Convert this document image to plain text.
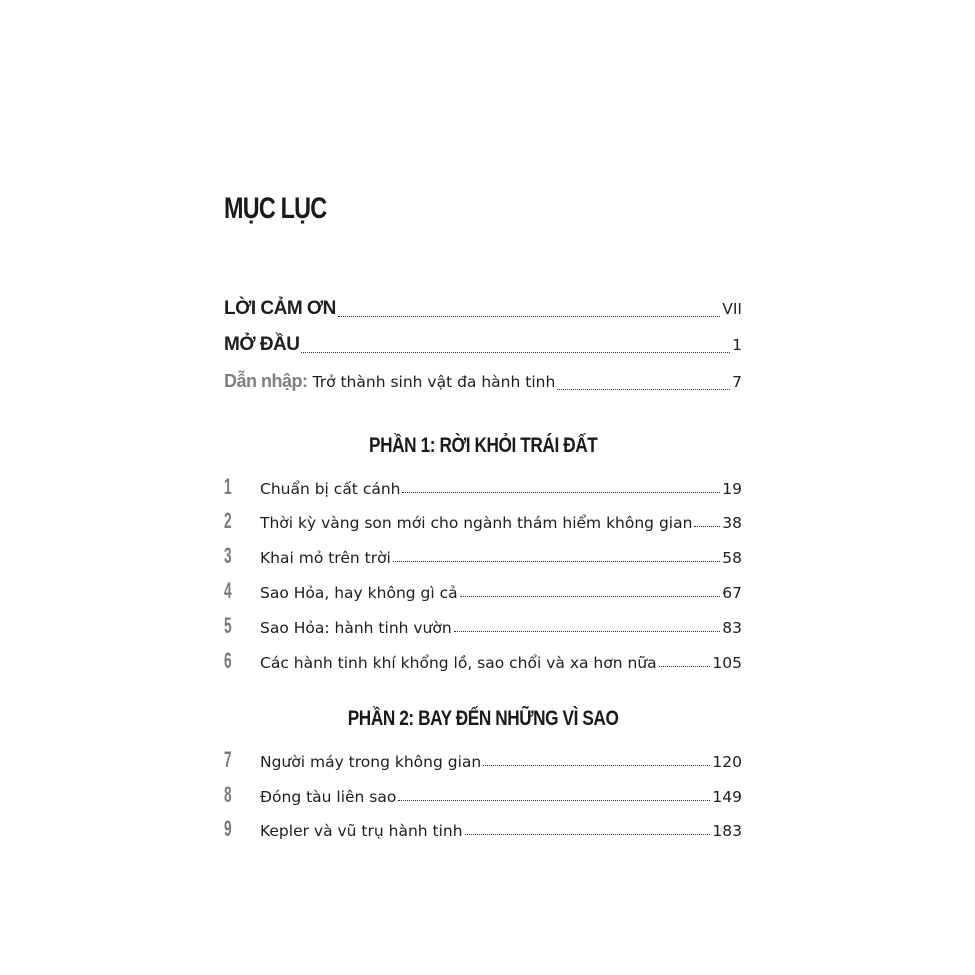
MỤC LỤC
LỜI CẢM ƠN	VII
MỞ ĐẦU	1
Dẫn nhập: Trở thành sinh vật đa hành tinh	7
PHẦN 1: RỜI KHỎI TRÁI ĐẤT
1	Chuẩn bị cất cánh	19
2	Thời kỳ vàng son mới cho ngành thám hiểm không gian 38
3	Khai mỏ trên trời	58
4	Sao Hỏa, hay không gì cả	67
5	Sao Hỏa: hành tinh vườn	83
6	Các hành tinh khí khổng lồ, sao chổi và xa hơn nữa	105
PHẦN 2: BAY ĐẾN NHỮNG VÌ SAO
7	Người máy trong không gian	120
8	Đóng tàu liên sao	149
9	Kepler và vũ trụ hành tinh	183
